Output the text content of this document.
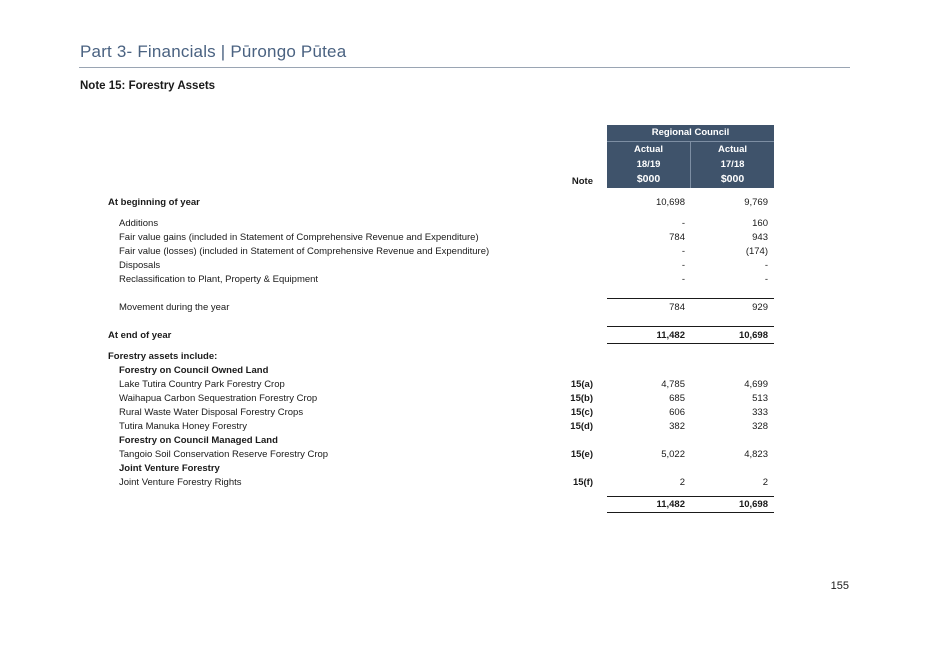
Part 3- Financials | Pūrongo Pūtea
Note 15: Forestry Assets
Regional Council
Actual
18/19
$000
Actual
17/18
$000
Note
At beginning of year	10,698	9,769
Additions	-	160
Fair value gains (included in Statement of Comprehensive Revenue and Expenditure)	784	943
Fair value (losses) (included in Statement of Comprehensive Revenue and Expenditure)	-	(174)
Disposals	-	-
Reclassification to Plant, Property & Equipment	-	-
Movement during the year	784	929
At end of year	11,482	10,698
Forestry assets include:
Forestry on Council Owned Land
Lake Tutira Country Park Forestry Crop	15(a)	4,785	4,699
Waihapua Carbon Sequestration Forestry Crop	15(b)	685	513
Rural Waste Water Disposal Forestry Crops	15(c)	606	333
Tutira Manuka Honey Forestry	15(d)	382	328
Forestry on Council Managed Land
Tangoio Soil Conservation Reserve Forestry Crop	15(e)	5,022	4,823
Joint Venture Forestry
Joint Venture Forestry Rights	15(f)	2	2
11,482	10,698
155
